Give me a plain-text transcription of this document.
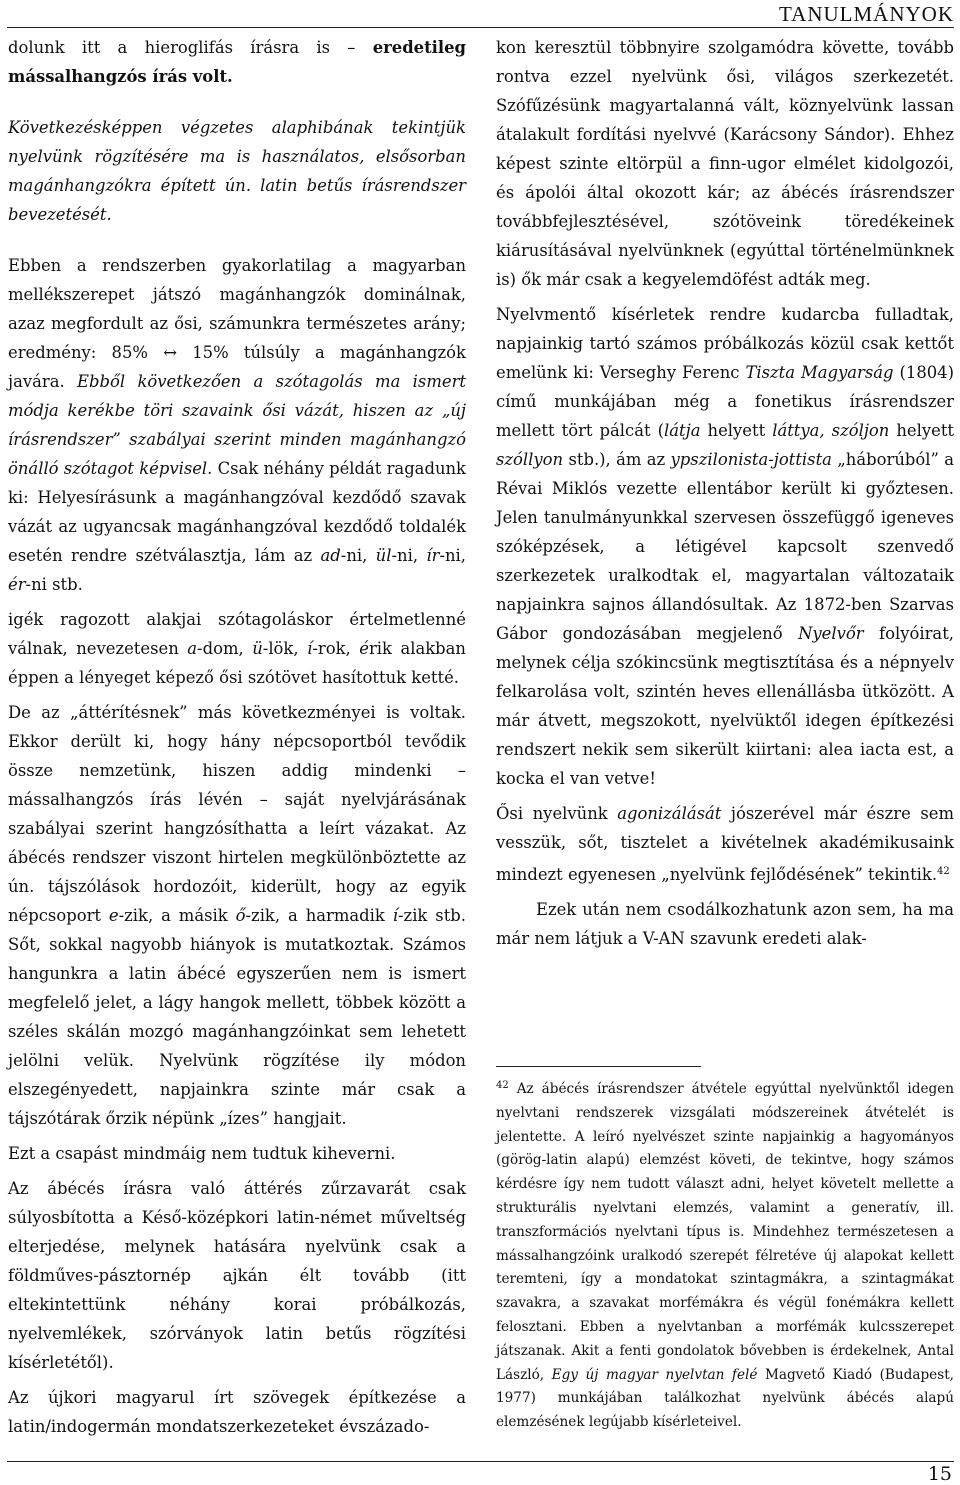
TANULMÁNYOK

dolunk itt a hieroglifás írásra is – eredetileg mássalhangzós írás volt.

Következésképpen végzetes alaphibának tekintjük nyelvünk rögzítésére ma is használatos, elsősorban magánhangzókra épített ún. latin betűs írásrendszer bevezetését.

Ebben a rendszerben gyakorlatilag a magyarban mellékszerepet játszó magánhangzók dominálnak, azaz megfordult az ősi, számunkra természetes arány; eredmény: 85% ↔ 15% túlsúly a magánhangzók javára. Ebből következően a szótagolás ma ismert módja kerékbe töri szavaink ősi vázát, hiszen az „új írásrendszer” szabályai szerint minden magánhangzó önálló szótagot képvisel. Csak néhány példát ragadunk ki: Helyesírásunk a magánhangzóval kezdődő szavak vázát az ugyancsak magánhangzóval kezdődő toldalék esetén rendre szétválasztja, lám az ad-ni, ül-ni, ír-ni, ér-ni stb.

igék ragozott alakjai szótagoláskor értelmetlenné válnak, nevezetesen a-dom, ü-lök, í-rok, érik alakban éppen a lényeget képező ősi szótövet hasítottuk ketté.

De az „áttérítésnek” más következményei is voltak. Ekkor derült ki, hogy hány népcsoportból tevődik össze nemzetünk, hiszen addig mindenki – mássalhangzós írás lévén – saját nyelvjárásának szabályai szerint hangzósíthatta a leírt vázakat. Az ábécés rendszer viszont hirtelen megkülönböztette az ún. tájszólások hordozóit, kiderült, hogy az egyik népcsoport e-zik, a másik ő-zik, a harmadik í-zik stb. Sőt, sokkal nagyobb hiányok is mutatkoztak. Számos hangunkra a latin ábécé egyszerűen nem is ismert megfelelő jelet, a lágy hangok mellett, többek között a széles skálán mozgó magánhangzóinkat sem lehetett jelölni velük. Nyelvünk rögzítése ily módon elszegényedett, napjainkra szinte már csak a tájszótárak őrzik népünk „ízes” hangjait.

Ezt a csapást mindmáig nem tudtuk kiheverni.

Az ábécés írásra való áttérés zűrzavarát csak súlyosbította a Késő-középkori latin-német műveltség elterjedése, melynek hatására nyelvünk csak a földműves-pásztornép ajkán élt tovább (itt eltekintettünk néhány korai próbálkozás, nyelvemlékek, szórványok latin betűs rögzítési kísérletétől).

Az újkori magyarul írt szövegek építkezése a latin/indogermán mondatszerkezeteket évszázado-

kon keresztül többnyire szolgamódra követte, tovább rontva ezzel nyelvünk ősi, világos szerkezetét. Szófűzésünk magyartalanná vált, köznyelvünk lassan átalakult fordítási nyelvvé (Karácsony Sándor). Ehhez képest szinte eltörpül a finn-ugor elmélet kidolgozói, és ápolói által okozott kár; az ábécés írásrendszer továbbfejlesztésével, szótöveink töredékeinek kiárusításával nyelvünknek (egyúttal történelmünknek is) ők már csak a kegyelemdöfést adták meg.

Nyelvmentő kísérletek rendre kudarcba fulladtak, napjainkig tartó számos próbálkozás közül csak kettőt emelünk ki: Verseghy Ferenc Tiszta Magyarság (1804) című munkájában még a fonetikus írásrendszer mellett tört pálcát (látja helyett láttya, szóljon helyett szóllyon stb.), ám az ypszilonista-jottista „háborúból” a Révai Miklós vezette ellentábor került ki győztesen. Jelen tanulmányunkkal szervesen összefüggő igeneves szóképzések, a létigével kapcsolt szenvedő szerkezetek uralkodtak el, magyartalan változataik napjainkra sajnos állandósultak. Az 1872-ben Szarvas Gábor gondozásában megjelenő Nyelvőr folyóirat, melynek célja szókincsünk megtisztítása és a népnyelv felkarolása volt, szintén heves ellenállásba ütközött. A már átvett, megszokott, nyelvüktől idegen építkezési rendszert nekik sem sikerült kiirtani: alea iacta est, a kocka el van vetve!

Ősi nyelvünk agonizálását jószerével már észre sem vesszük, sőt, tisztelet a kivételnek akadémikusaink mindezt egyenesen „nyelvünk fejlődésének” tekintik.$^{42}$

Ezek után nem csodálkozhatunk azon sem, ha ma már nem látjuk a V-AN szavunk eredeti alak-

$^{42}$ Az ábécés írásrendszer átvétele egyúttal nyelvünktől idegen nyelvtani rendszerek vizsgálati módszereinek átvételét is jelentette. A leíró nyelvészet szinte napjainkig a hagyományos (görög-latin alapú) elemzést követi, de tekintve, hogy számos kérdésre így nem tudott választ adni, helyet követelt mellette a strukturális nyelvtani elemzés, valamint a generatív, ill. transzformációs nyelvtani típus is. Mindehhez természetesen a mássalhangzóink uralkodó szerepét félretéve új alapokat kellett teremteni, így a mondatokat szintagmákra, a szintagmákat szavakra, a szavakat morfémákra és végül fonémákra kellett felosztani. Ebben a nyelvtanban a morfémák kulcsszerepet játszanak. Akit a fenti gondolatok bővebben is érdekelnek, Antal László, Egy új magyar nyelvtan felé Magvető Kiadó (Budapest, 1977) munkájában találkozhat nyelvünk ábécés alapú elemzésének legújabb kísérleteivel.
15
